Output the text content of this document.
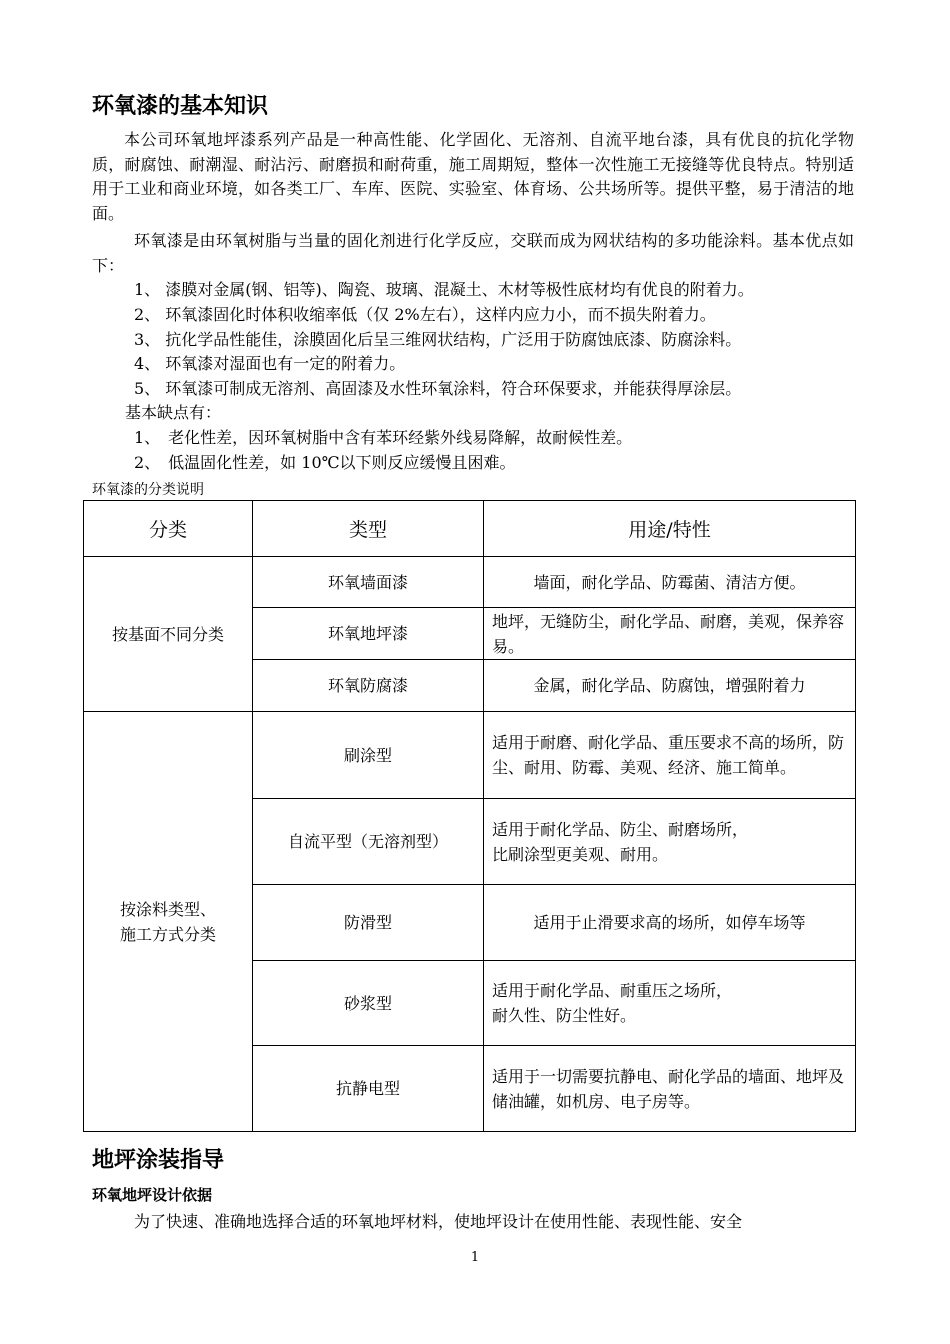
环氧漆的基本知识

本公司环氧地坪漆系列产品是一种高性能、化学固化、无溶剂、自流平地台漆，具有优良的抗化学物质，耐腐蚀、耐潮湿、耐沾污、耐磨损和耐荷重，施工周期短，整体一次性施工无接缝等优良特点。特别适用于工业和商业环境，如各类工厂、车库、医院、实验室、体育场、公共场所等。提供平整，易于清洁的地面。

环氧漆是由环氧树脂与当量的固化剂进行化学反应，交联而成为网状结构的多功能涂料。基本优点如下：

1、 漆膜对金属(钢、铝等)、陶瓷、玻璃、混凝土、木材等极性底材均有优良的附着力。
2、 环氧漆固化时体积收缩率低（仅 2%左右），这样内应力小，而不损失附着力。
3、 抗化学品性能佳，涂膜固化后呈三维网状结构，广泛用于防腐蚀底漆、防腐涂料。
4、 环氧漆对湿面也有一定的附着力。
5、 环氧漆可制成无溶剂、高固漆及水性环氧涂料，符合环保要求，并能获得厚涂层。
基本缺点有：
1、　老化性差，因环氧树脂中含有苯环经紫外线易降解，故耐候性差。
2、　低温固化性差，如 10℃以下则反应缓慢且困难。
环氧漆的分类说明
分类	类型	用途/特性
按基面不同分类	环氧墙面漆	墙面，耐化学品、防霉菌、清洁方便。
	环氧地坪漆	地坪，无缝防尘，耐化学品、耐磨，美观，保养容易。
	环氧防腐漆	金属，耐化学品、防腐蚀，增强附着力

按涂料类型、
施工方式分类	刷涂型	适用于耐磨、耐化学品、重压要求不高的场所，防尘、耐用、防霉、美观、经济、施工简单。
	自流平型（无溶剂型）	适用于耐化学品、防尘、耐磨场所，
比刷涂型更美观、耐用。

	防滑型	适用于止滑要求高的场所，如停车场等
	砂浆型	适用于耐化学品、耐重压之场所，
耐久性、防尘性好。

	抗静电型	适用于一切需要抗静电、耐化学品的墙面、地坪及储油罐，如机房、电子房等。
地坪涂装指导
环氧地坪设计依据

为了快速、准确地选择合适的环氧地坪材料，使地坪设计在使用性能、表现性能、安全

1
